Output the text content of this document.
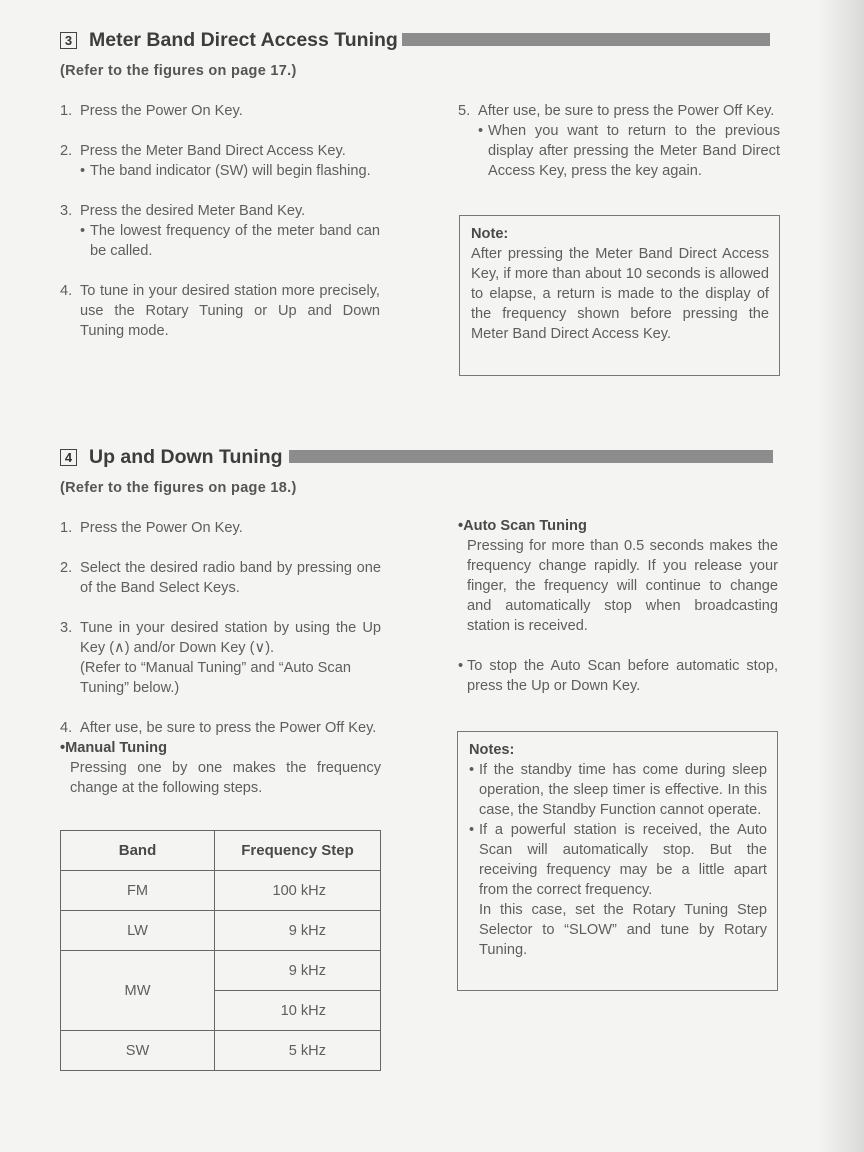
3 Meter Band Direct Access Tuning
(Refer to the figures on page 17.)
1. Press the Power On Key.
2. Press the Meter Band Direct Access Key.
• The band indicator (SW) will begin flashing.
3. Press the desired Meter Band Key.
• The lowest frequency of the meter band can be called.
4. To tune in your desired station more precisely, use the Rotary Tuning or Up and Down Tuning mode.
5. After use, be sure to press the Power Off Key.
• When you want to return to the previous display after pressing the Meter Band Direct Access Key, press the key again.
Note:
After pressing the Meter Band Direct Access Key, if more than about 10 seconds is allowed to elapse, a return is made to the display of the frequency shown before pressing the Meter Band Direct Access Key.
4 Up and Down Tuning
(Refer to the figures on page 18.)
1. Press the Power On Key.
2. Select the desired radio band by pressing one of the Band Select Keys.
3. Tune in your desired station by using the Up Key (∧) and/or Down Key (∨).
(Refer to “Manual Tuning” and “Auto Scan Tuning” below.)
4. After use, be sure to press the Power Off Key.
•Manual Tuning
Pressing one by one makes the frequency change at the following steps.
Band	Frequency Step
FM	100 kHz
LW	9 kHz
MW	9 kHz
	10 kHz
SW	5 kHz
•Auto Scan Tuning
Pressing for more than 0.5 seconds makes the frequency change rapidly. If you release your finger, the frequency will continue to change and automatically stop when broadcasting station is received.
• To stop the Auto Scan before automatic stop, press the Up or Down Key.
Notes:
• If the standby time has come during sleep operation, the sleep timer is effective. In this case, the Standby Function cannot operate.
• If a powerful station is received, the Auto Scan will automatically stop. But the receiving frequency may be a little apart from the correct frequency.
In this case, set the Rotary Tuning Step Selector to “SLOW” and tune by Rotary Tuning.
